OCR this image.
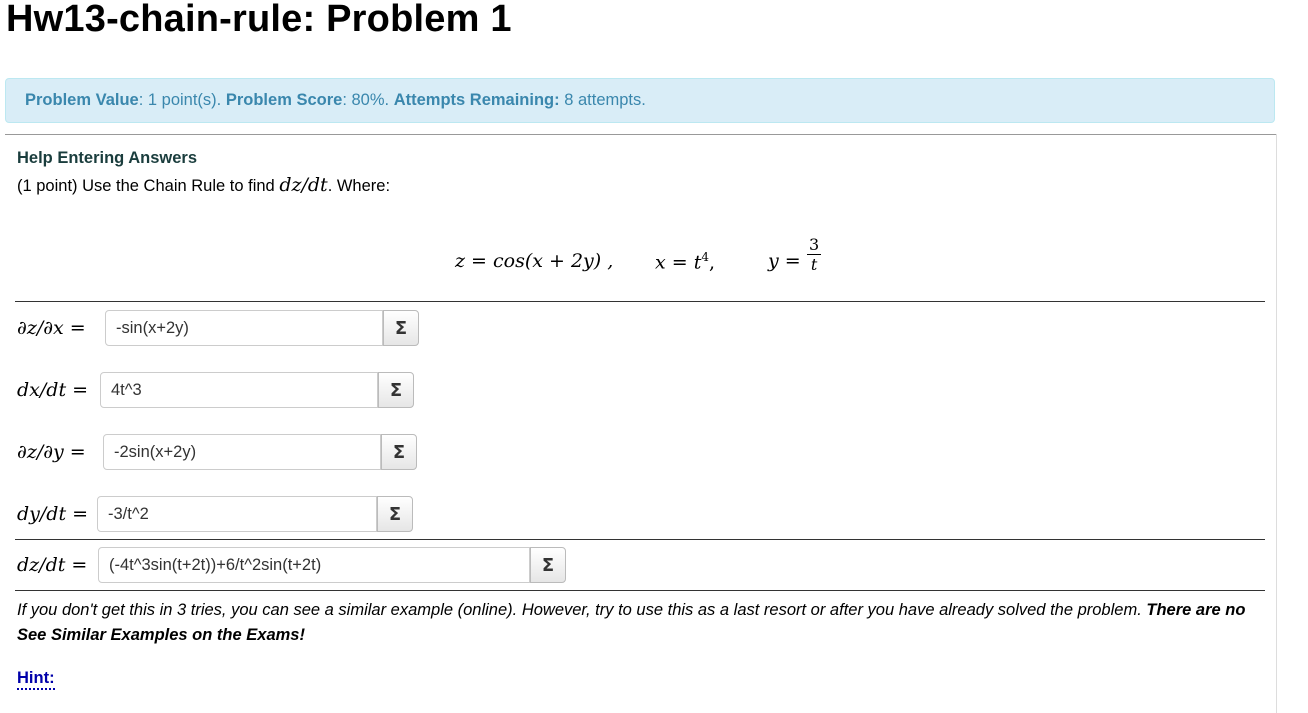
Hw13-chain-rule: Problem 1
Problem Value: 1 point(s). Problem Score: 80%. Attempts Remaining: 8 attempts.
Help Entering Answers
(1 point) Use the Chain Rule to find dz/dt. Where:
z = cos(x + 2y) , $x = t^4$,	$y = \frac{3}{t}$
∂z/∂x =	-sin(x+2y)	Σ
dx/dt =	4t^3	Σ
∂z/∂y =	-2sin(x+2y)	Σ
dy/dt =	-3/t^2	Σ
dz/dt =	(-4t^3sin(t+2t))+6/t^2sin(t+2t)	Σ
If you don't get this in 3 tries, you can see a similar example (online). However, try to use this as a last resort or after you have already solved the problem. There are no See Similar Examples on the Exams!
Hint:
